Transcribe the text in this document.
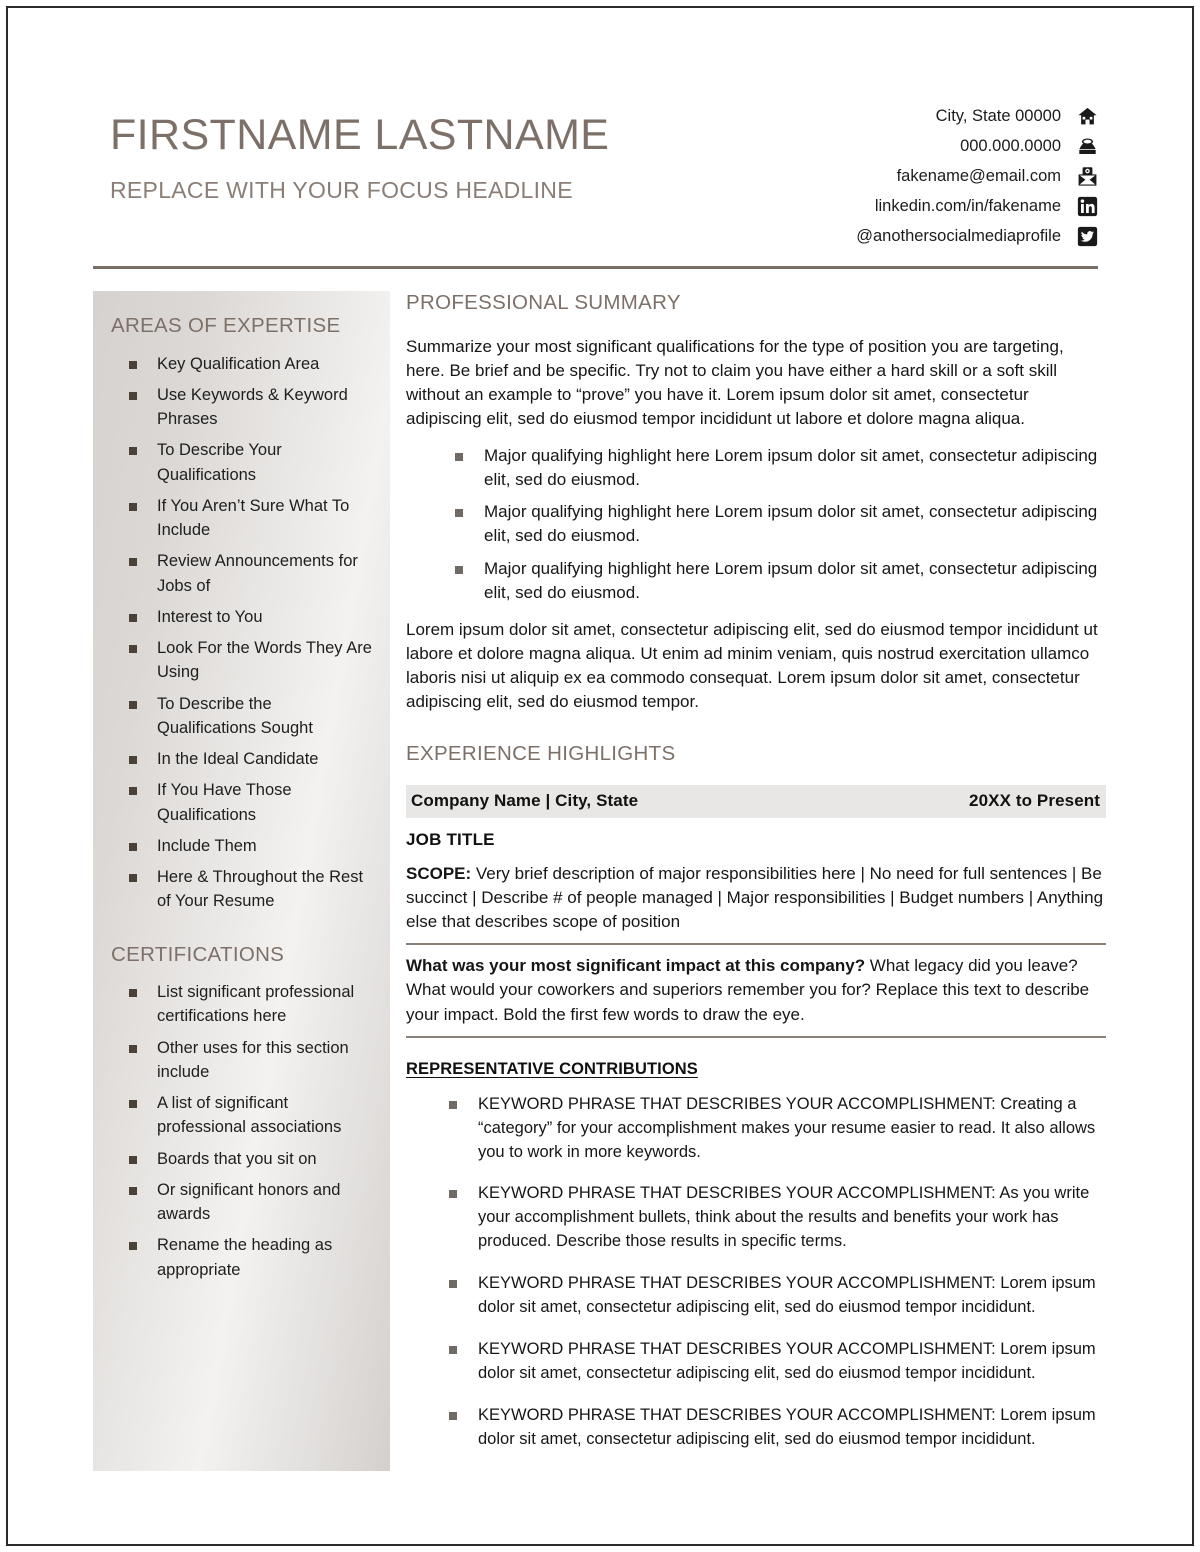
FIRSTNAME LASTNAME
REPLACE WITH YOUR FOCUS HEADLINE
City, State 00000
000.000.0000
fakename@email.com
linkedin.com/in/fakename
@anothersocialmediaprofile
AREAS OF EXPERTISE
Key Qualification Area
Use Keywords & Keyword Phrases
To Describe Your Qualifications
If You Aren’t Sure What To Include
Review Announcements for Jobs of
Interest to You
Look For the Words They Are Using
To Describe the Qualifications Sought
In the Ideal Candidate
If You Have Those Qualifications
Include Them
Here & Throughout the Rest of Your Resume
CERTIFICATIONS
List significant professional certifications here
Other uses for this section include
A list of significant professional associations
Boards that you sit on
Or significant honors and awards
Rename the heading as appropriate
PROFESSIONAL SUMMARY

Summarize your most significant qualifications for the type of position you are targeting, here. Be brief and be specific. Try not to claim you have either a hard skill or a soft skill without an example to “prove” you have it. Lorem ipsum dolor sit amet, consectetur adipiscing elit, sed do eiusmod tempor incididunt ut labore et dolore magna aliqua.

Major qualifying highlight here Lorem ipsum dolor sit amet, consectetur adipiscing elit, sed do eiusmod.
Major qualifying highlight here Lorem ipsum dolor sit amet, consectetur adipiscing elit, sed do eiusmod.
Major qualifying highlight here Lorem ipsum dolor sit amet, consectetur adipiscing elit, sed do eiusmod.

Lorem ipsum dolor sit amet, consectetur adipiscing elit, sed do eiusmod tempor incididunt ut labore et dolore magna aliqua. Ut enim ad minim veniam, quis nostrud exercitation ullamco laboris nisi ut aliquip ex ea commodo consequat. Lorem ipsum dolor sit amet, consectetur adipiscing elit, sed do eiusmod tempor.

EXPERIENCE HIGHLIGHTS
Company Name | City, State	20XX to Present
JOB TITLE

SCOPE: Very brief description of major responsibilities here | No need for full sentences | Be succinct | Describe # of people managed | Major responsibilities | Budget numbers | Anything else that describes scope of position

What was your most significant impact at this company? What legacy did you leave? What would your coworkers and superiors remember you for? Replace this text to describe your impact. Bold the first few words to draw the eye.

REPRESENTATIVE CONTRIBUTIONS
KEYWORD PHRASE THAT DESCRIBES YOUR ACCOMPLISHMENT: Creating a “category” for your accomplishment makes your resume easier to read. It also allows you to work in more keywords.
KEYWORD PHRASE THAT DESCRIBES YOUR ACCOMPLISHMENT: As you write your accomplishment bullets, think about the results and benefits your work has produced. Describe those results in specific terms.
KEYWORD PHRASE THAT DESCRIBES YOUR ACCOMPLISHMENT: Lorem ipsum dolor sit amet, consectetur adipiscing elit, sed do eiusmod tempor incididunt.
KEYWORD PHRASE THAT DESCRIBES YOUR ACCOMPLISHMENT: Lorem ipsum dolor sit amet, consectetur adipiscing elit, sed do eiusmod tempor incididunt.
KEYWORD PHRASE THAT DESCRIBES YOUR ACCOMPLISHMENT: Lorem ipsum dolor sit amet, consectetur adipiscing elit, sed do eiusmod tempor incididunt.
